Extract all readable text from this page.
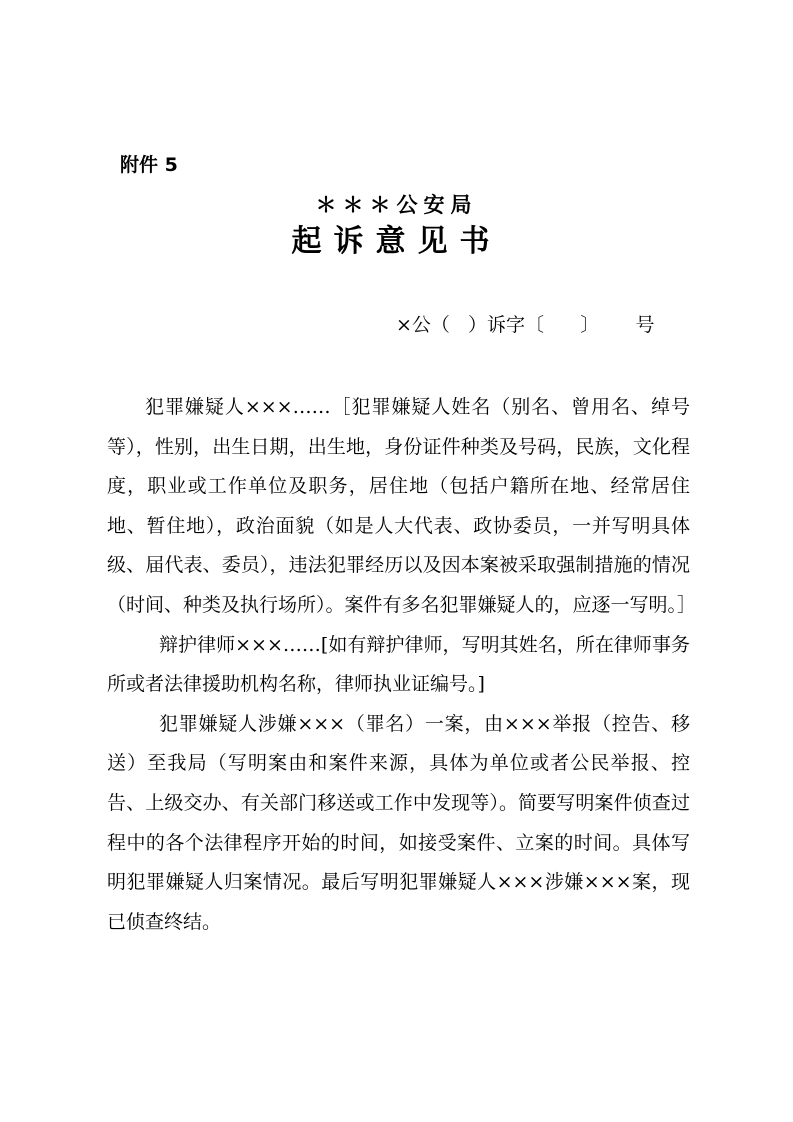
附件 5
＊＊＊公安局
起诉意见书
×公（   ）诉字〔      〕      号

犯罪嫌疑人×××……［犯罪嫌疑人姓名（别名、曾用名、绰号等），性别，出生日期，出生地，身份证件种类及号码，民族，文化程度，职业或工作单位及职务，居住地（包括户籍所在地、经常居住地、暂住地），政治面貌（如是人大代表、政协委员，一并写明具体级、届代表、委员），违法犯罪经历以及因本案被采取强制措施的情况（时间、种类及执行场所）。案件有多名犯罪嫌疑人的，应逐一写明。］

辩护律师×××……[如有辩护律师，写明其姓名，所在律师事务所或者法律援助机构名称，律师执业证编号。]

犯罪嫌疑人涉嫌×××（罪名）一案，由×××举报（控告、移送）至我局（写明案由和案件来源，具体为单位或者公民举报、控告、上级交办、有关部门移送或工作中发现等）。简要写明案件侦查过程中的各个法律程序开始的时间，如接受案件、立案的时间。具体写明犯罪嫌疑人归案情况。最后写明犯罪嫌疑人×××涉嫌×××案，现已侦查终结。
